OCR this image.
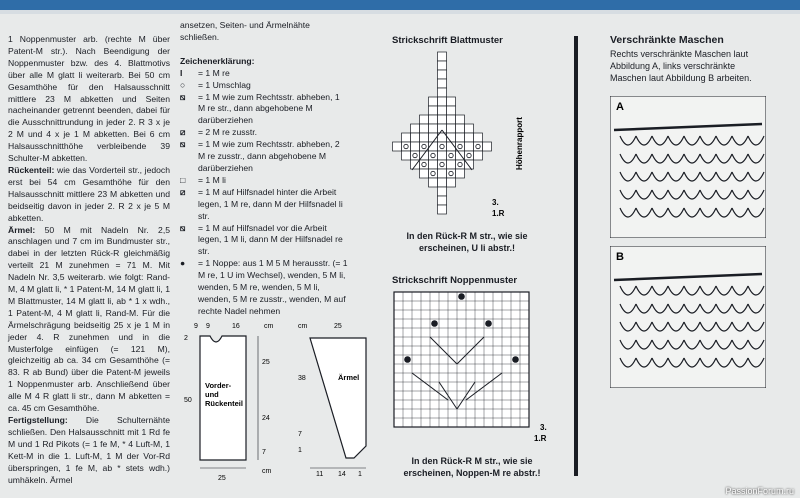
1 Noppenmuster arb. (rechte M über Patent-M str.). Nach Beendigung der Noppenmuster bzw. des 4. Blattmotivs über alle M glatt li weiterarb. Bei 50 cm Gesamthöhe für den Halsausschnitt mittlere 23 M abketten und Seiten nacheinander getrennt beenden, dabei für die Ausschnittrundung in jeder 2. R 3 x je 2 M und 4 x je 1 M abketten. Bei 6 cm Halsausschnitthöhe verbleibende 39 Schulter-M abketten.

Rückenteil: wie das Vorderteil str., jedoch erst bei 54 cm Gesamthöhe für den Halsausschnitt mittlere 23 M abketten und beidseitig davon in jeder 2. R 2 x je 5 M abketten.

Ärmel: 50 M mit Nadeln Nr. 2,5 anschlagen und 7 cm im Bundmuster str., dabei in der letzten Rück-R gleichmäßig verteilt 21 M zunehmen = 71 M. Mit Nadeln Nr. 3,5 weiterarb. wie folgt: Rand-M, 4 M glatt li, * 1 Patent-M, 14 M glatt li, 1 M Blattmuster, 14 M glatt li, ab * 1 x wdh., 1 Patent-M, 4 M glatt li, Rand-M. Für die Ärmelschrägung beidseitig 25 x je 1 M in jeder 4. R zunehmen und in die Musterfolge einfügen (= 121 M), gleichzeitig ab ca. 34 cm Gesamthöhe (= 83. R ab Bund) über die Patent-M jeweils 1 Noppenmuster arb. Anschließend über alle M 4 R glatt li str., dann M abketten = ca. 45 cm Gesamthöhe.

Fertigstellung: Die Schulternähte schließen. Den Halsausschnitt mit 1 Rd fe M und 1 Rd Pikots (= 1 fe M, * 4 Luft-M, 1 Kett-M in die 1. Luft-M, 1 M der Vor-Rd überspringen, 1 fe M, ab * stets wdh.) umhäkeln. Ärmel

ansetzen, Seiten- und Ärmelnähte schließen.

Zeichenerklärung:

I	= 1 M re
○	= 1 Umschlag
⧅	= 1 M wie zum Rechtsstr. abheben, 1 M re str., dann abgehobene M darüberziehen
⧄	= 2 M re zusstr.
⧅	= 1 M wie zum Rechtsstr. abheben, 2 M re zusstr., dann abgehobene M darüberziehen
□	= 1 M li
⧄	= 1 M auf Hilfsnadel hinter die Arbeit legen, 1 M re, dann M der Hilfsnadel li str.
⧅	= 1 M auf Hilfsnadel vor die Arbeit legen, 1 M li, dann M der Hilfsnadel re str.
●	= 1 Noppe: aus 1 M 5 M herausstr. (= 1 M re, 1 U im Wechsel), wenden, 5 M li, wenden, 5 M re, wenden, 5 M li, wenden, 5 M re zusstr., wenden, M auf rechte Nadel nehmen
9 9	16	cm
Vorder-
und
Rückenteil
2
50
25
24
7
cm
25
cm	25
Ärmel
38
7
1
11 14 1
Strickschrift Blattmuster
Höhenrapport
3.
1.R
In den Rück-R M str., wie sie erscheinen, U li abstr.!
Strickschrift Noppenmuster
3.
1.R
In den Rück-R M str., wie sie erscheinen, Noppen-M re abstr.!
Verschränkte Maschen
Rechts verschränkte Maschen laut Abbildung A, links verschränkte Maschen laut Abbildung B arbeiten.
A
B
PassionForum.ru
